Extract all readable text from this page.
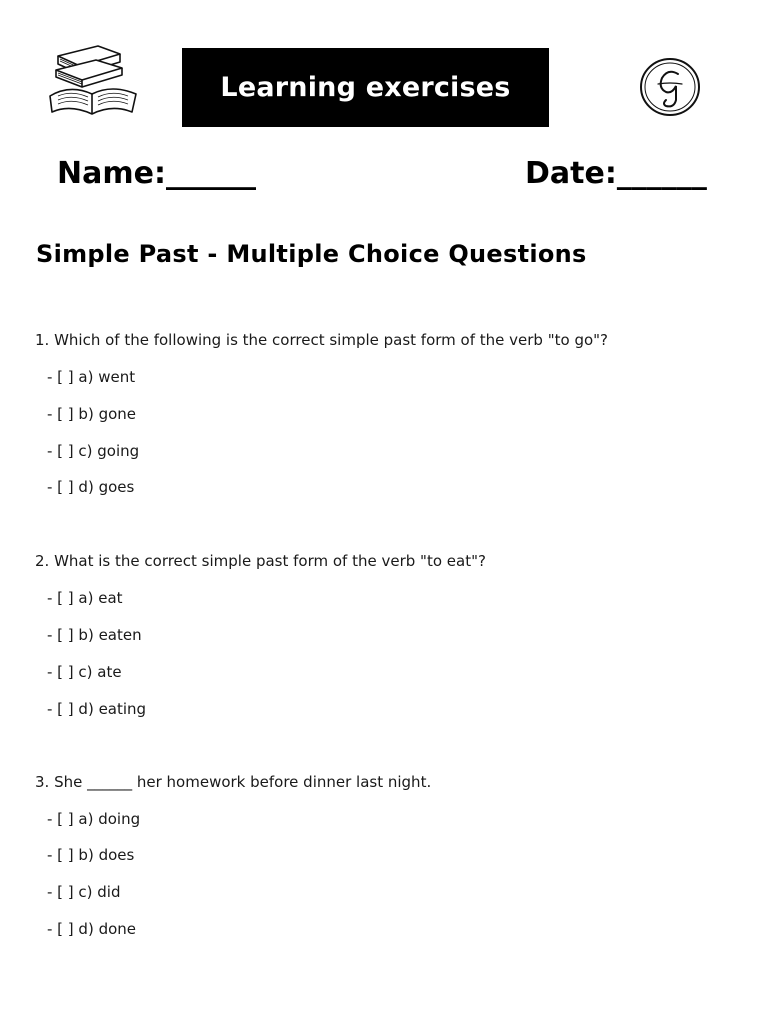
Learning exercises
Name:______	Date:______
Simple Past - Multiple Choice Questions
1. Which of the following is the correct simple past form of the verb "to go"?
- [ ] a) went
- [ ] b) gone
- [ ] c) going
- [ ] d) goes
2. What is the correct simple past form of the verb "to eat"?
- [ ] a) eat
- [ ] b) eaten
- [ ] c) ate
- [ ] d) eating
3. She ______ her homework before dinner last night.
- [ ] a) doing
- [ ] b) does
- [ ] c) did
- [ ] d) done
